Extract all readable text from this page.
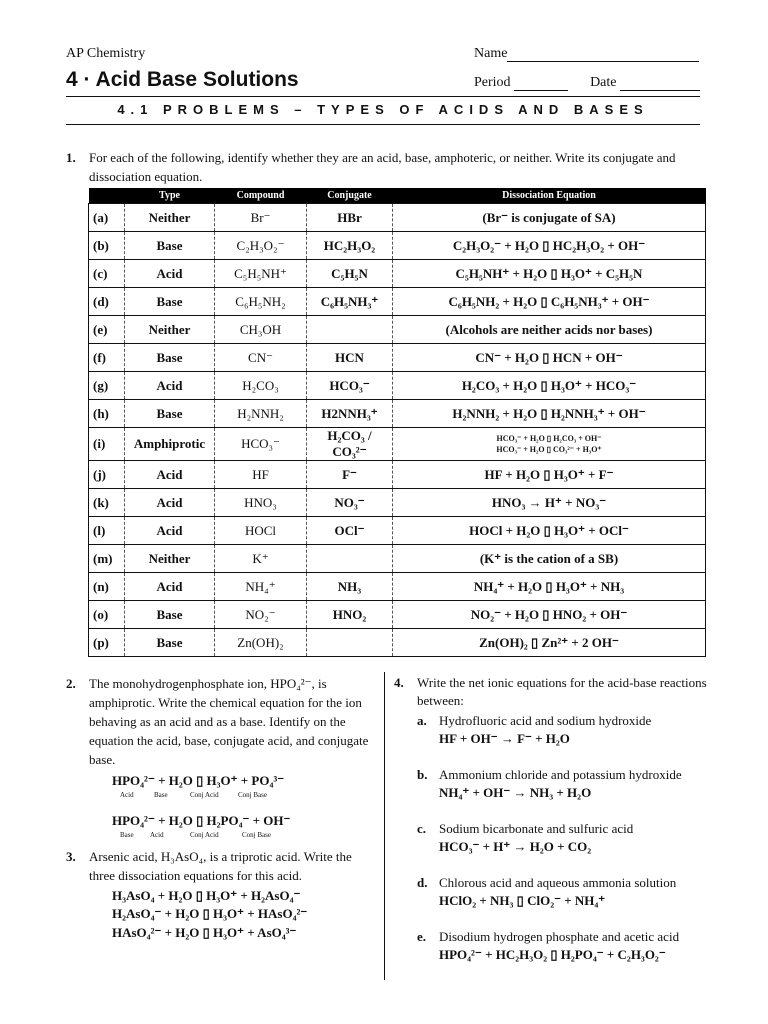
AP Chemistry
4 · Acid Base Solutions
Name
Period	Date
4.1 PROBLEMS – TYPES OF ACIDS AND BASES
1. For each of the following, identify whether they are an acid, base, amphoteric, or neither. Write its conjugate and dissociation equation.
	Type	Compound	Conjugate	Dissociation Equation
(a)	Neither	Br⁻	HBr	(Br⁻ is conjugate of SA)
(b)	Base	C₂H₃O₂⁻	HC₂H₃O₂	C₂H₃O₂⁻ + H₂O ▯ HC₂H₃O₂ + OH⁻
(c)	Acid	C₅H₅NH⁺	C₅H₅N	C₅H₅NH⁺ + H₂O ▯ H₃O⁺ + C₅H₅N
(d)	Base	C₆H₅NH₂	C₆H₅NH₃⁺	C₆H₅NH₂ + H₂O ▯ C₆H₅NH₃⁺ + OH⁻
(e)	Neither	CH₃OH		(Alcohols are neither acids nor bases)
(f)	Base	CN⁻	HCN	CN⁻ + H₂O ▯ HCN + OH⁻
(g)	Acid	H₂CO₃	HCO₃⁻	H₂CO₃ + H₂O ▯ H₃O⁺ + HCO₃⁻
(h)	Base	H₂NNH₂	H2NNH₃⁺	H₂NNH₂ + H₂O ▯ H₂NNH₃⁺ + OH⁻
(i)	Amphiprotic	HCO₃⁻	H₂CO₃ / CO₃²⁻	HCO₃⁻ + H₂O ▯ H₂CO₃ + OH⁻
HCO₃⁻ + H₂O ▯ CO₃²⁻ + H₃O⁺

(j)	Acid	HF	F⁻	HF + H₂O ▯ H₃O⁺ + F⁻
(k)	Acid	HNO₃	NO₃⁻	HNO₃ → H⁺ + NO₃⁻
(l)	Acid	HOCl	OCl⁻	HOCl + H₂O ▯ H₃O⁺ + OCl⁻
(m)	Neither	K⁺		(K⁺ is the cation of a SB)
(n)	Acid	NH₄⁺	NH₃	NH₄⁺ + H₂O ▯ H₃O⁺ + NH₃
(o)	Base	NO₂⁻	HNO₂	NO₂⁻ + H₂O ▯ HNO₂ + OH⁻
(p)	Base	Zn(OH)₂		Zn(OH)₂ ▯ Zn²⁺ + 2 OH⁻
2. The monohydrogenphosphate ion, HPO₄²⁻, is amphiprotic. Write the chemical equation for the ion behaving as an acid and as a base. Identify on the equation the acid, base, conjugate acid, and conjugate base.
HPO₄²⁻ + H₂O ▯ H₃O⁺ + PO₄³⁻
Acid	Base	Conj Acid	Conj Base
HPO₄²⁻ + H₂O ▯ H₂PO₄⁻ + OH⁻
Base Acid	Conj Acid	Conj Base
3. Arsenic acid, H₃AsO₄, is a triprotic acid. Write the three dissociation equations for this acid.
H₃AsO₄ + H₂O ▯ H₃O⁺ + H₂AsO₄⁻
H₂AsO₄⁻ + H₂O ▯ H₃O⁺ + HAsO₄²⁻
HAsO₄²⁻ + H₂O ▯ H₃O⁺ + AsO₄³⁻
4. Write the net ionic equations for the acid-base reactions between:
a. Hydrofluoric acid and sodium hydroxide
HF + OH⁻ → F⁻ + H₂O
b. Ammonium chloride and potassium hydroxide
NH₄⁺ + OH⁻ → NH₃ + H₂O
c. Sodium bicarbonate and sulfuric acid
HCO₃⁻ + H⁺ → H₂O + CO₂
d. Chlorous acid and aqueous ammonia solution
HClO₂ + NH₃ ▯ ClO₂⁻ + NH₄⁺
e. Disodium hydrogen phosphate and acetic acid
HPO₄²⁻ + HC₂H₃O₂ ▯ H₂PO₄⁻ + C₂H₃O₂⁻
